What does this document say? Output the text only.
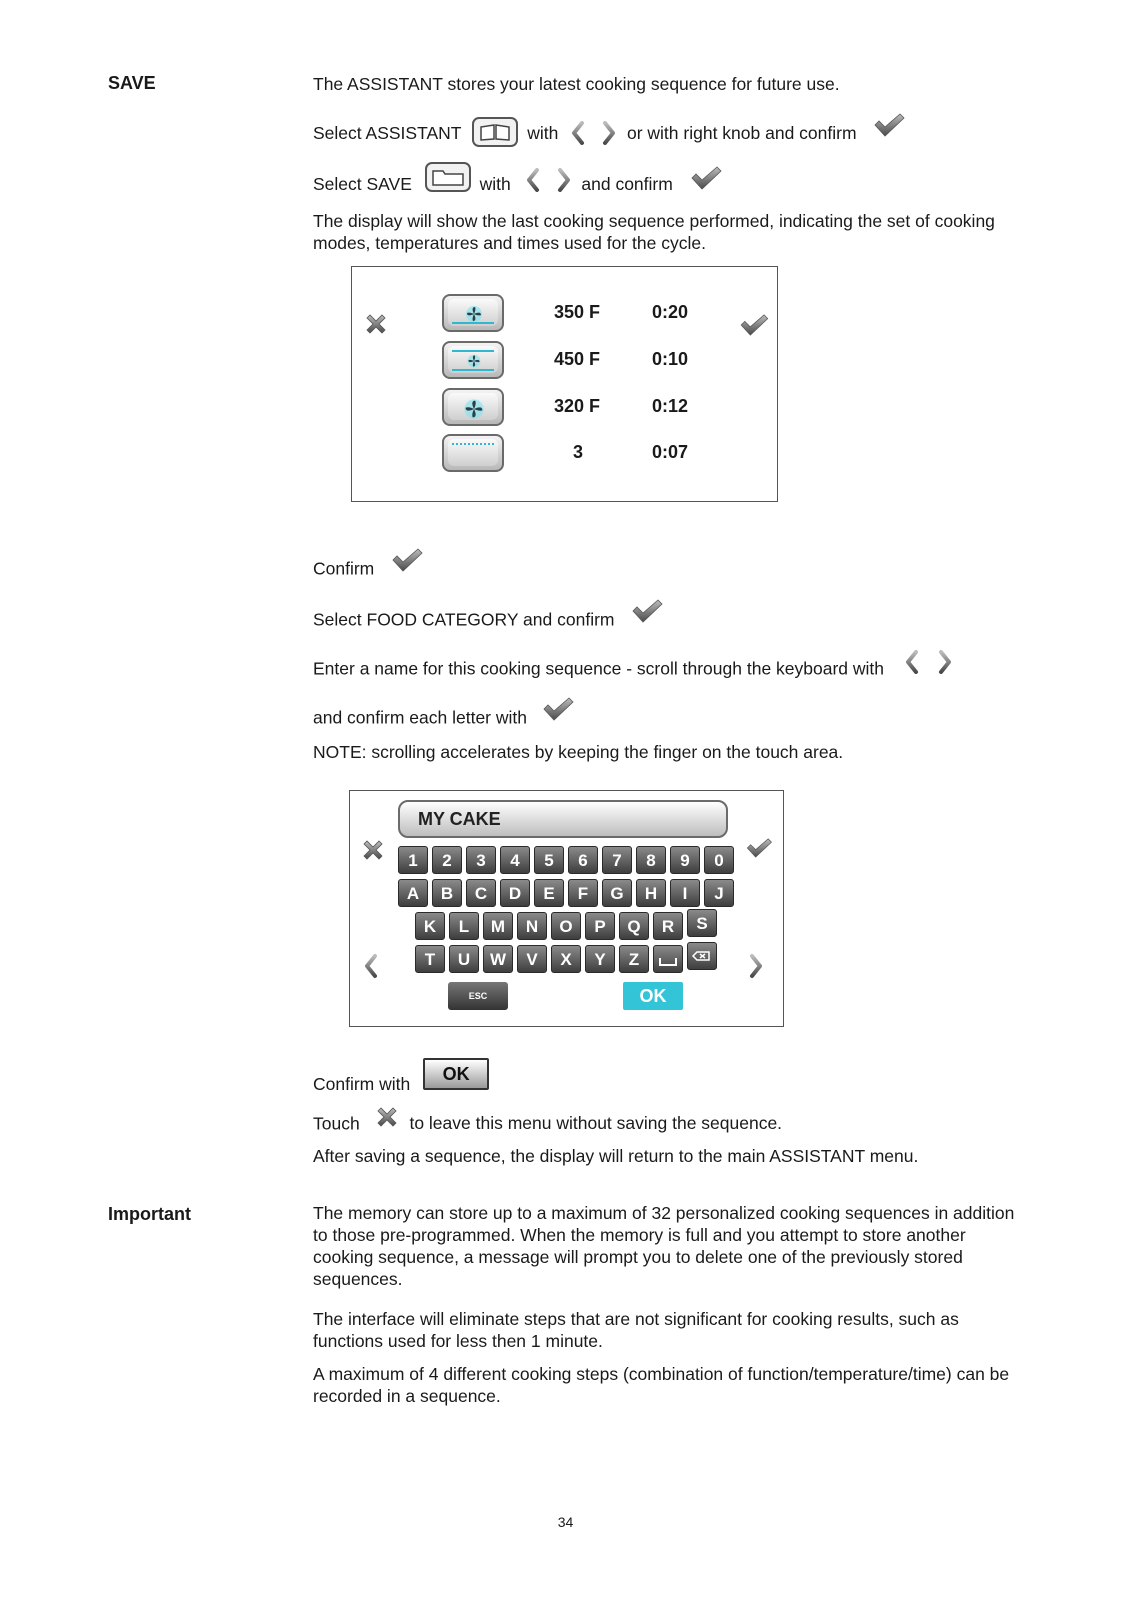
SAVE	The ASSISTANT stores your latest cooking sequence for future use.
Select ASSISTANT	with	or with right knob and confirm
Select SAVE	with	and confirm
The display will show the last cooking sequence performed, indicating the set of cooking modes, temperatures and times used for the cycle.
350 F	0:20
450 F	0:10
320 F	0:12
3	0:07
Confirm
Select FOOD CATEGORY and confirm
Enter a name for this cooking sequence - scroll through the keyboard with
and confirm each letter with
NOTE: scrolling accelerates by keeping the finger on the touch area.
MY CAKE
1	2	3	4	5	6	7	8	9	0
A	B	C	D	E	F	G	H	I	J
K	L	M	N	O	P	Q	R	S
T	U	W	V	X	Y	Z
ESC	OK
Confirm with OK
Touch	to leave this menu without saving the sequence.
After saving a sequence, the display will return to the main ASSISTANT menu.
Important	The memory can store up to a maximum of 32 personalized cooking sequences in addition to those pre-programmed. When the memory is full and you attempt to store another cooking sequence, a message will prompt you to delete one of the previously stored sequences.
The interface will eliminate steps that are not significant for cooking results, such as functions used for less then 1 minute.
A maximum of 4 different cooking steps (combination of function/temperature/time) can be recorded in a sequence.
34
